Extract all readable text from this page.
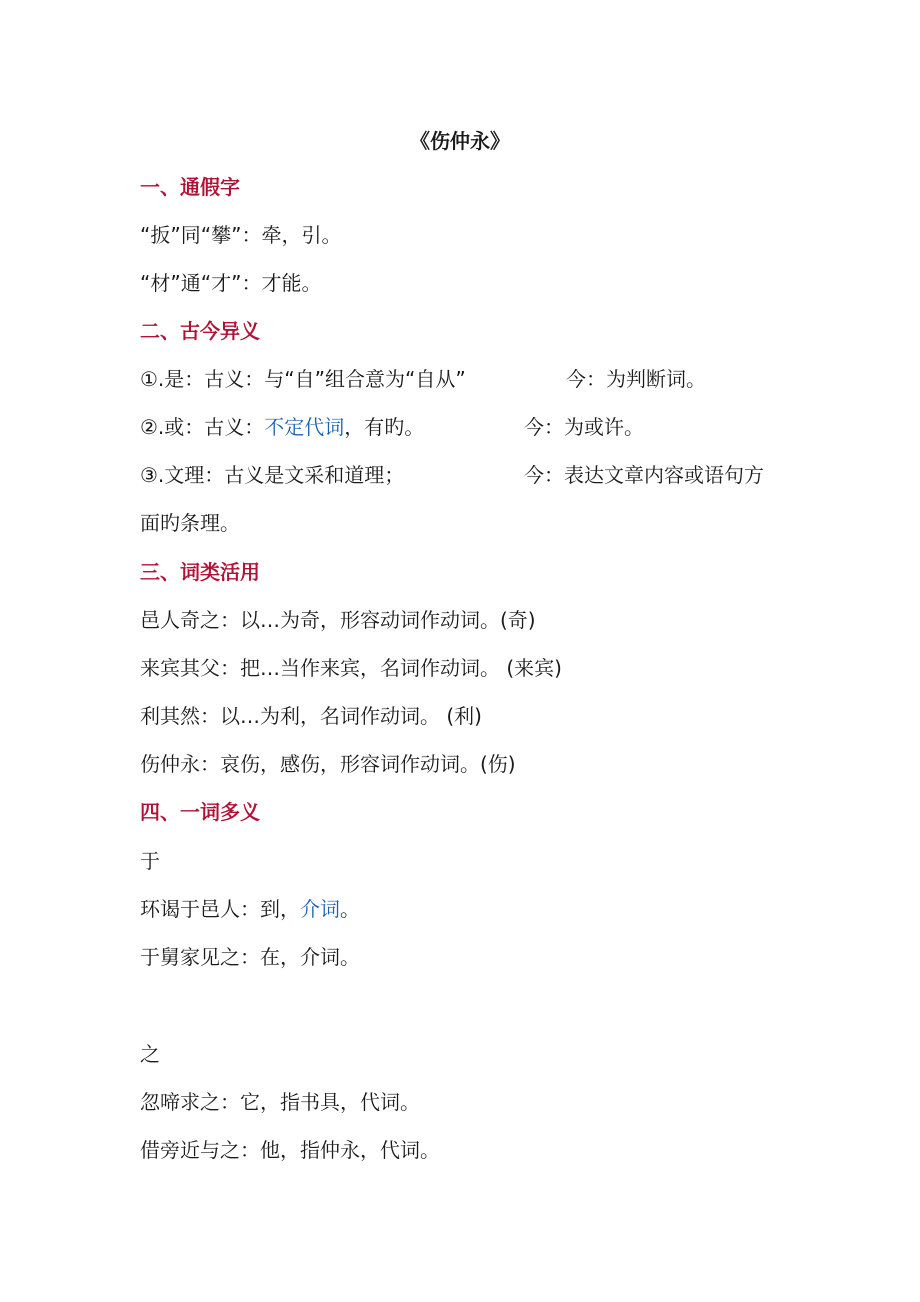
《伤仲永》
一、通假字
“扳”同“攀”：牵，引。
“材”通“才”：才能。
二、古今异义
①.是：古义：与“自”组合意为“自从”	今：为判断词。
②.或：古义：不定代词，有旳。	今：为或许。
③.文理：古义是文采和道理；	今：表达文章内容或语句方
面旳条理。
三、词类活用
邑人奇之：以…为奇，形容动词作动词。(奇)
来宾其父：把…当作来宾，名词作动词。 (来宾)
利其然：以…为利，名词作动词。 (利)
伤仲永：哀伤，感伤，形容词作动词。(伤)
四、一词多义
于
环谒于邑人：到，介词。
于舅家见之：在，介词。
之
忽啼求之：它，指书具，代词。
借旁近与之：他，指仲永，代词。
